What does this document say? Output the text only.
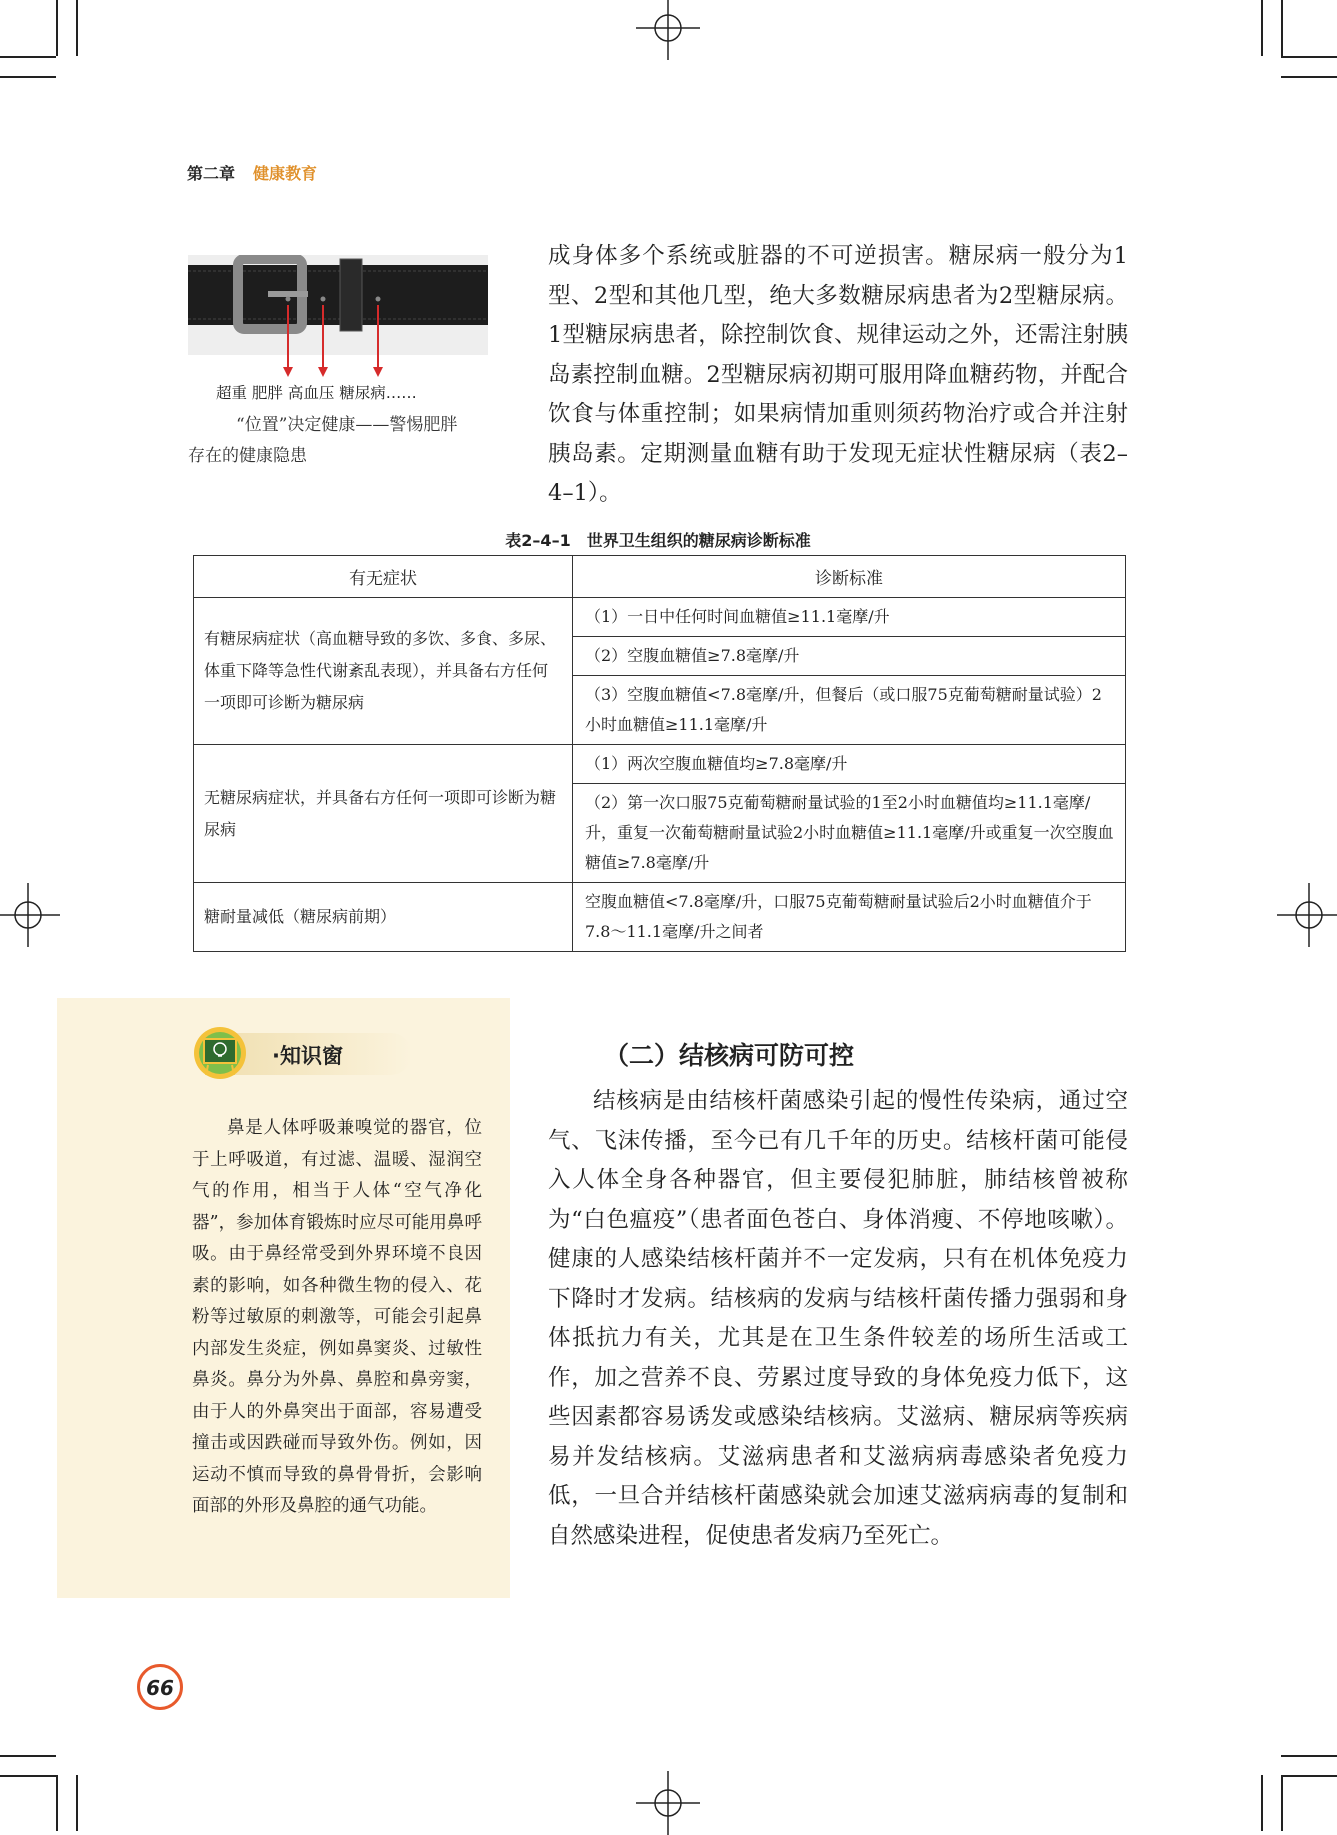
第二章 健康教育
超重 肥胖 高血压 糖尿病……
“位置”决定健康——警惕肥胖
存在的健康隐患
成身体多个系统或脏器的不可逆损害。糖尿病一般分为1型、2型和其他几型，绝大多数糖尿病患者为2型糖尿病。1型糖尿病患者，除控制饮食、规律运动之外，还需注射胰岛素控制血糖。2型糖尿病初期可服用降血糖药物，并配合饮食与体重控制；如果病情加重则须药物治疗或合并注射胰岛素。定期测量血糖有助于发现无症状性糖尿病（表2–4–1）。
表2–4–1　世界卫生组织的糖尿病诊断标准
有无症状	诊断标准
有糖尿病症状（高血糖导致的多饮、多食、多尿、体重下降等急性代谢紊乱表现），并具备右方任何一项即可诊断为糖尿病	（1）一日中任何时间血糖值≥11.1毫摩/升
	（2）空腹血糖值≥7.8毫摩/升
	（3）空腹血糖值<7.8毫摩/升，但餐后（或口服75克葡萄糖耐量试验）2小时血糖值≥11.1毫摩/升
无糖尿病症状，并具备右方任何一项即可诊断为糖尿病	（1）两次空腹血糖值均≥7.8毫摩/升
	（2）第一次口服75克葡萄糖耐量试验的1至2小时血糖值均≥11.1毫摩/升，重复一次葡萄糖耐量试验2小时血糖值≥11.1毫摩/升或重复一次空腹血糖值≥7.8毫摩/升
糖耐量减低（糖尿病前期）	空腹血糖值<7.8毫摩/升，口服75克葡萄糖耐量试验后2小时血糖值介于7.8～11.1毫摩/升之间者
·知识窗
鼻是人体呼吸兼嗅觉的器官，位于上呼吸道，有过滤、温暖、湿润空气的作用，相当于人体“空气净化器”，参加体育锻炼时应尽可能用鼻呼吸。由于鼻经常受到外界环境不良因素的影响，如各种微生物的侵入、花粉等过敏原的刺激等，可能会引起鼻内部发生炎症，例如鼻窦炎、过敏性鼻炎。鼻分为外鼻、鼻腔和鼻旁窦，由于人的外鼻突出于面部，容易遭受撞击或因跌碰而导致外伤。例如，因运动不慎而导致的鼻骨骨折，会影响面部的外形及鼻腔的通气功能。
（二）结核病可防可控
结核病是由结核杆菌感染引起的慢性传染病，通过空气、飞沫传播，至今已有几千年的历史。结核杆菌可能侵入人体全身各种器官，但主要侵犯肺脏，肺结核曾被称为“白色瘟疫”（患者面色苍白、身体消瘦、不停地咳嗽）。健康的人感染结核杆菌并不一定发病，只有在机体免疫力下降时才发病。结核病的发病与结核杆菌传播力强弱和身体抵抗力有关，尤其是在卫生条件较差的场所生活或工作，加之营养不良、劳累过度导致的身体免疫力低下，这些因素都容易诱发或感染结核病。艾滋病、糖尿病等疾病易并发结核病。艾滋病患者和艾滋病病毒感染者免疫力低，一旦合并结核杆菌感染就会加速艾滋病病毒的复制和自然感染进程，促使患者发病乃至死亡。
66
